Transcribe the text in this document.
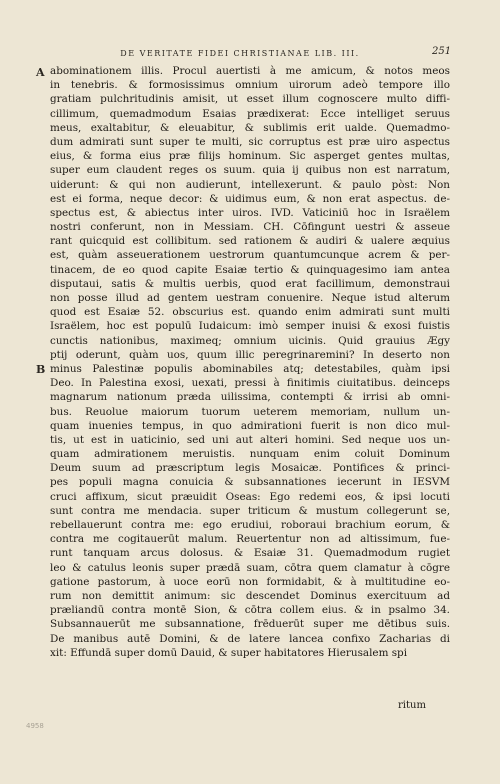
DE VERITATE FIDEI CHRISTIANAE LIB. III.	251
A
B
abominationem illis. Procul auertisti à me amicum, & notos meos
in tenebris. & formosissimus omnium uirorum adeò tempore illo
gratiam pulchritudinis amisit, ut esset illum cognoscere multo diffi-
cillimum, quemadmodum Esaias prædixerat: Ecce intelliget seruus
meus, exaltabitur, & eleuabitur, & sublimis erit ualde. Quemadmo-
dum admirati sunt super te multi, sic corruptus est præ uiro aspectus
eius, & forma eius præ filijs hominum. Sic asperget gentes multas,
super eum claudent reges os suum. quia ij quibus non est narratum,
uiderunt: & qui non audierunt, intellexerunt. & paulo pòst: Non
est ei forma, neque decor: & uidimus eum, & non erat aspectus. de-
spectus est, & abiectus inter uiros. IVD. Vaticiniū hoc in Israëlem
nostri conferunt, non in Messiam. CH. Cōfingunt uestri & asseue
rant quicquid est collibitum. sed rationem & audiri & ualere æquius
est, quàm asseuerationem uestrorum quantumcunque acrem & per-
tinacem, de eo quod capite Esaiæ tertio & quinquagesimo iam antea
disputaui, satis & multis uerbis, quod erat facillimum, demonstraui
non posse illud ad gentem uestram conuenire. Neque istud alterum
quod est Esaiæ 52. obscurius est. quando enim admirati sunt multi
Israëlem, hoc est populū Iudaicum: imò semper inuisi & exosi fuistis
cunctis nationibus, maximeq; omnium uicinis. Quid grauius Ægy
ptij oderunt, quàm uos, quum illic peregrinaremini? In deserto non
minus Palestinæ populis abominabiles atq; detestabiles, quàm ipsi
Deo. In Palestina exosi, uexati, pressi à finitimis ciuitatibus. deinceps
magnarum nationum præda uilissima, contempti & irrisi ab omni-
bus. Reuolue maiorum tuorum ueterem memoriam, nullum un-
quam inuenies tempus, in quo admirationi fuerit is non dico mul-
tis, ut est in uaticinio, sed uni aut alteri homini. Sed neque uos un-
quam admirationem meruistis. nunquam enim coluit Dominum
Deum suum ad præscriptum legis Mosaicæ. Pontifices & princi-
pes populi magna conuicia & subsannationes iecerunt in IESVM
cruci affixum, sicut præuidit Oseas: Ego redemi eos, & ipsi locuti
sunt contra me mendacia. super triticum & mustum collegerunt se,
rebellauerunt contra me: ego erudiui, roboraui brachium eorum, &
contra me cogitauerūt malum. Reuertentur non ad altissimum, fue-
runt tanquam arcus dolosus. & Esaiæ 31. Quemadmodum rugiet
leo & catulus leonis super prædā suam, cōtra quem clamatur à cōgre
gatione pastorum, à uoce eorū non formidabit, & à multitudine eo-
rum non demittit animum: sic descendet Dominus exercituum ad
præliandū contra montē Sion, & cōtra collem eius. & in psalmo 34.
Subsannauerūt me subsannatione, frēduerūt super me dētibus suis.
De manibus autē Domini, & de latere lancea confixo Zacharias di
xit: Effundā super domū Dauid, & super habitatores Hierusalem spi
ritum
4958
